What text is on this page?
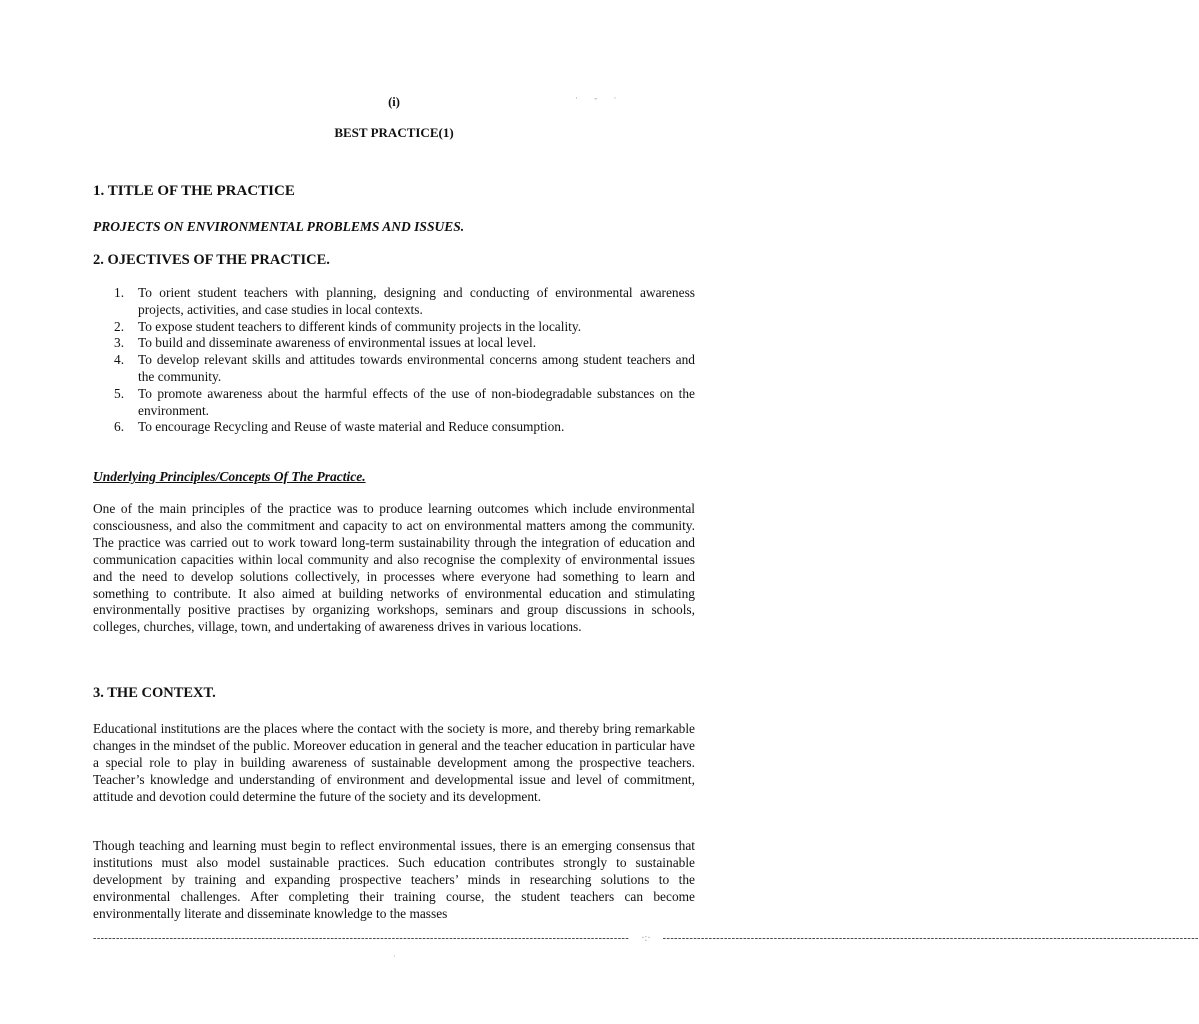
(i)	· - ·
BEST PRACTICE(1)
1. TITLE OF THE PRACTICE
PROJECTS ON ENVIRONMENTAL PROBLEMS AND ISSUES.
2. OJECTIVES OF THE PRACTICE.
1. To orient student teachers with planning, designing and conducting of environmental awareness projects, activities, and case studies in local contexts.
2. To expose student teachers to different kinds of community projects in the locality.
3. To build and disseminate awareness of environmental issues at local level.
4. To develop relevant skills and attitudes towards environmental concerns among student teachers and the community.
5. To promote awareness about the harmful effects of the use of non-biodegradable substances on the environment.
6. To encourage Recycling and Reuse of waste material and Reduce consumption.
Underlying Principles/Concepts Of The Practice.

One of the main principles of the practice was to produce learning outcomes which include environmental consciousness, and also the commitment and capacity to act on environmental matters among the community. The practice was carried out to work toward long-term sustainability through the integration of education and communication capacities within local community and also recognise the complexity of environmental issues and the need to develop solutions collectively, in processes where everyone had something to learn and something to contribute. It also aimed at building networks of environmental education and stimulating environmentally positive practises by organizing workshops, seminars and group discussions in schools, colleges, churches, village, town, and undertaking of awareness drives in various locations.

3. THE CONTEXT.

Educational institutions are the places where the contact with the society is more, and thereby bring remarkable changes in the mindset of the public. Moreover education in general and the teacher education in particular have a special role to play in building awareness of sustainable development among the prospective teachers. Teacher’s knowledge and understanding of environment and developmental issue and level of commitment, attitude and devotion could determine the future of the society and its development.

Though teaching and learning must begin to reflect environmental issues, there is an emerging consensus that institutions must also model sustainable practices. Such education contributes strongly to sustainable development by training and expanding prospective teachers’ minds in researching solutions to the environmental challenges. After completing their training course, the student teachers can become environmentally literate and disseminate knowledge to the masses

--------------------------------------------------------------------------------------------------------------------------------------------	·:·	--------------------------------------------------------------------------------------------------------------------------------------------
·
